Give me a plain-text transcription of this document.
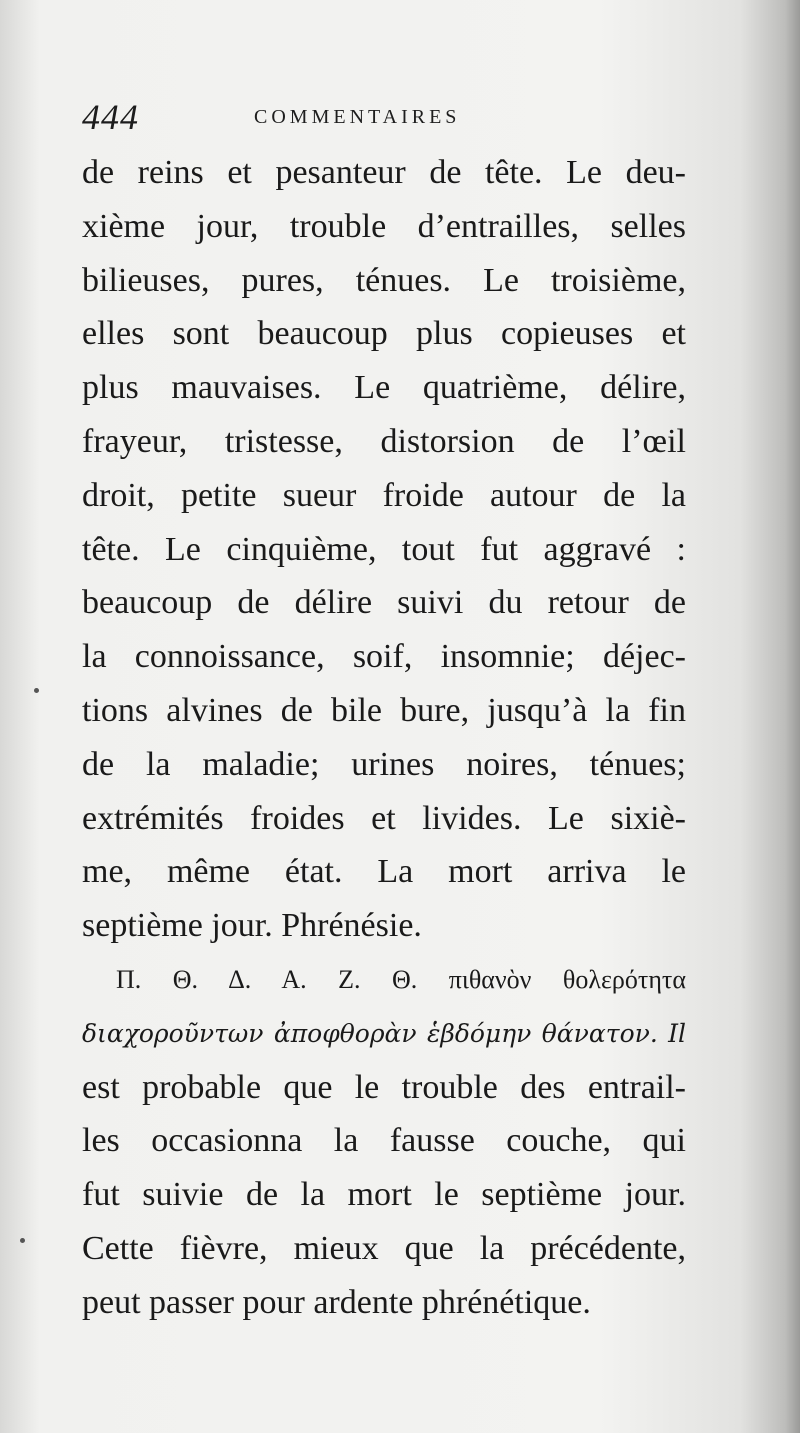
444	COMMENTAIRES
de reins et pesanteur de tête. Le deu-
xième jour, trouble d’entrailles, selles
bilieuses, pures, ténues. Le troisième,
elles sont beaucoup plus copieuses et
plus mauvaises. Le quatrième, délire,
frayeur, tristesse, distorsion de l’œil
droit, petite sueur froide autour de la
tête. Le cinquième, tout fut aggravé :
beaucoup de délire suivi du retour de
la connoissance, soif, insomnie; déjec-
tions alvines de bile bure, jusqu’à la fin
de la maladie; urines noires, ténues;
extrémités froides et livides. Le sixiè-
me, même état. La mort arriva le
septième jour. Phrénésie.
Π. Θ. Δ. Α. Ζ. Θ. πιθανὸν θολερότητα
διαχοροῦντων ἀποφθορὰν ἑβδόμην θάνατον. Il
est probable que le trouble des entrail-
les occasionna la fausse couche, qui
fut suivie de la mort le septième jour.
Cette fièvre, mieux que la précédente,
peut passer pour ardente phrénétique.
